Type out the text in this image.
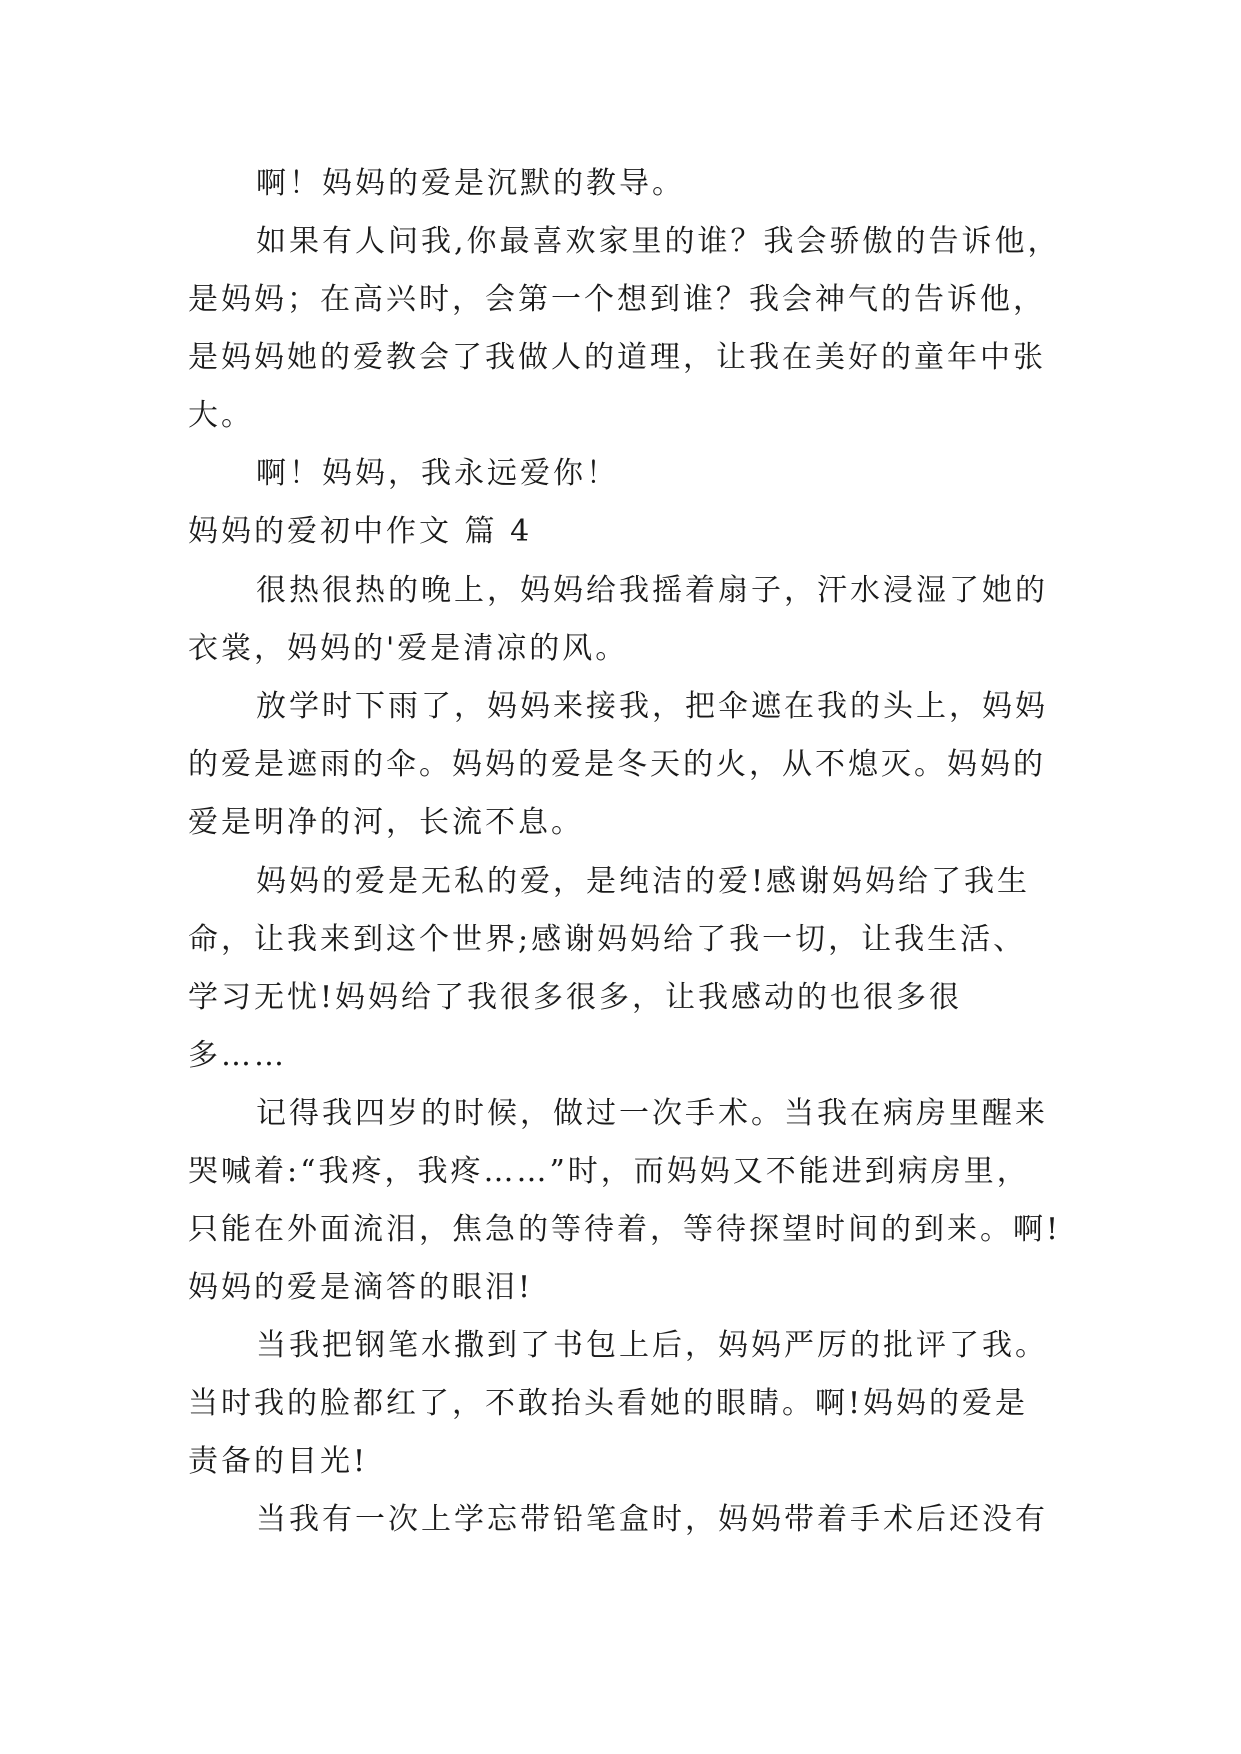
啊！妈妈的爱是沉默的教导。
如果有人问我,你最喜欢家里的谁？我会骄傲的告诉他，
是妈妈；在高兴时，会第一个想到谁？我会神气的告诉他，
是妈妈她的爱教会了我做人的道理，让我在美好的童年中张
大。
啊！妈妈，我永远爱你！
妈妈的爱初中作文 篇 4
很热很热的晚上，妈妈给我摇着扇子，汗水浸湿了她的
衣裳，妈妈的'爱是清凉的风。
放学时下雨了，妈妈来接我，把伞遮在我的头上，妈妈
的爱是遮雨的伞。妈妈的爱是冬天的火，从不熄灭。妈妈的
爱是明净的河，长流不息。
妈妈的爱是无私的爱，是纯洁的爱!感谢妈妈给了我生
命，让我来到这个世界;感谢妈妈给了我一切，让我生活、
学习无忧!妈妈给了我很多很多，让我感动的也很多很
多……
记得我四岁的时候，做过一次手术。当我在病房里醒来
哭喊着:“我疼，我疼……”时，而妈妈又不能进到病房里，
只能在外面流泪，焦急的等待着，等待探望时间的到来。啊!
妈妈的爱是滴答的眼泪!
当我把钢笔水撒到了书包上后，妈妈严厉的批评了我。
当时我的脸都红了，不敢抬头看她的眼睛。啊!妈妈的爱是
责备的目光!
当我有一次上学忘带铅笔盒时，妈妈带着手术后还没有
